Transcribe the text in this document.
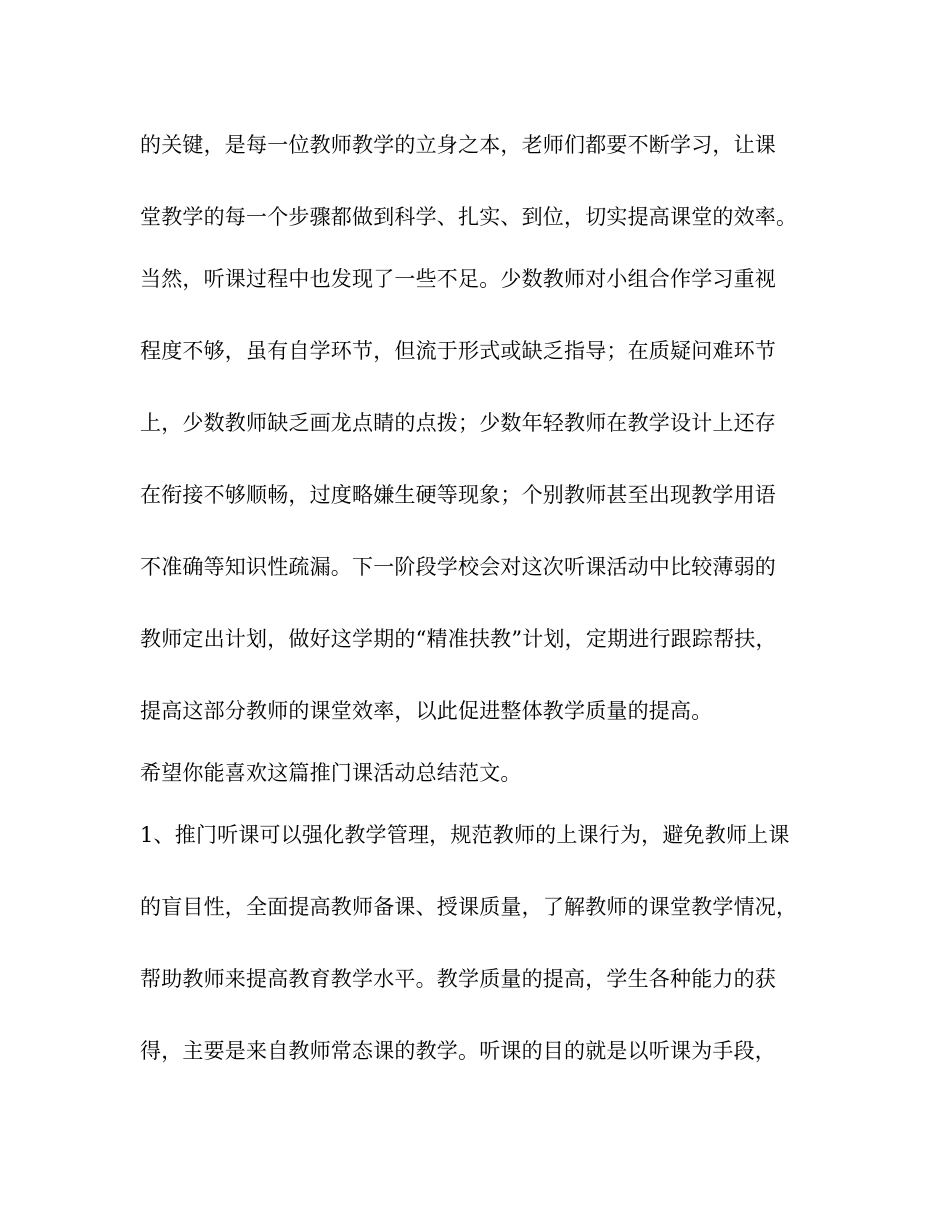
的关键，是每一位教师教学的立身之本，老师们都要不断学习，让课
堂教学的每一个步骤都做到科学、扎实、到位，切实提高课堂的效率。
当然，听课过程中也发现了一些不足。少数教师对小组合作学习重视
程度不够，虽有自学环节，但流于形式或缺乏指导；在质疑问难环节
上，少数教师缺乏画龙点睛的点拨；少数年轻教师在教学设计上还存
在衔接不够顺畅，过度略嫌生硬等现象；个别教师甚至出现教学用语
不准确等知识性疏漏。下一阶段学校会对这次听课活动中比较薄弱的
教师定出计划，做好这学期的“精准扶教”计划，定期进行跟踪帮扶，
提高这部分教师的课堂效率，以此促进整体教学质量的提高。
希望你能喜欢这篇推门课活动总结范文。
1、推门听课可以强化教学管理，规范教师的上课行为，避免教师上课
的盲目性，全面提高教师备课、授课质量，了解教师的课堂教学情况，
帮助教师来提高教育教学水平。教学质量的提高，学生各种能力的获
得，主要是来自教师常态课的教学。听课的目的就是以听课为手段，
